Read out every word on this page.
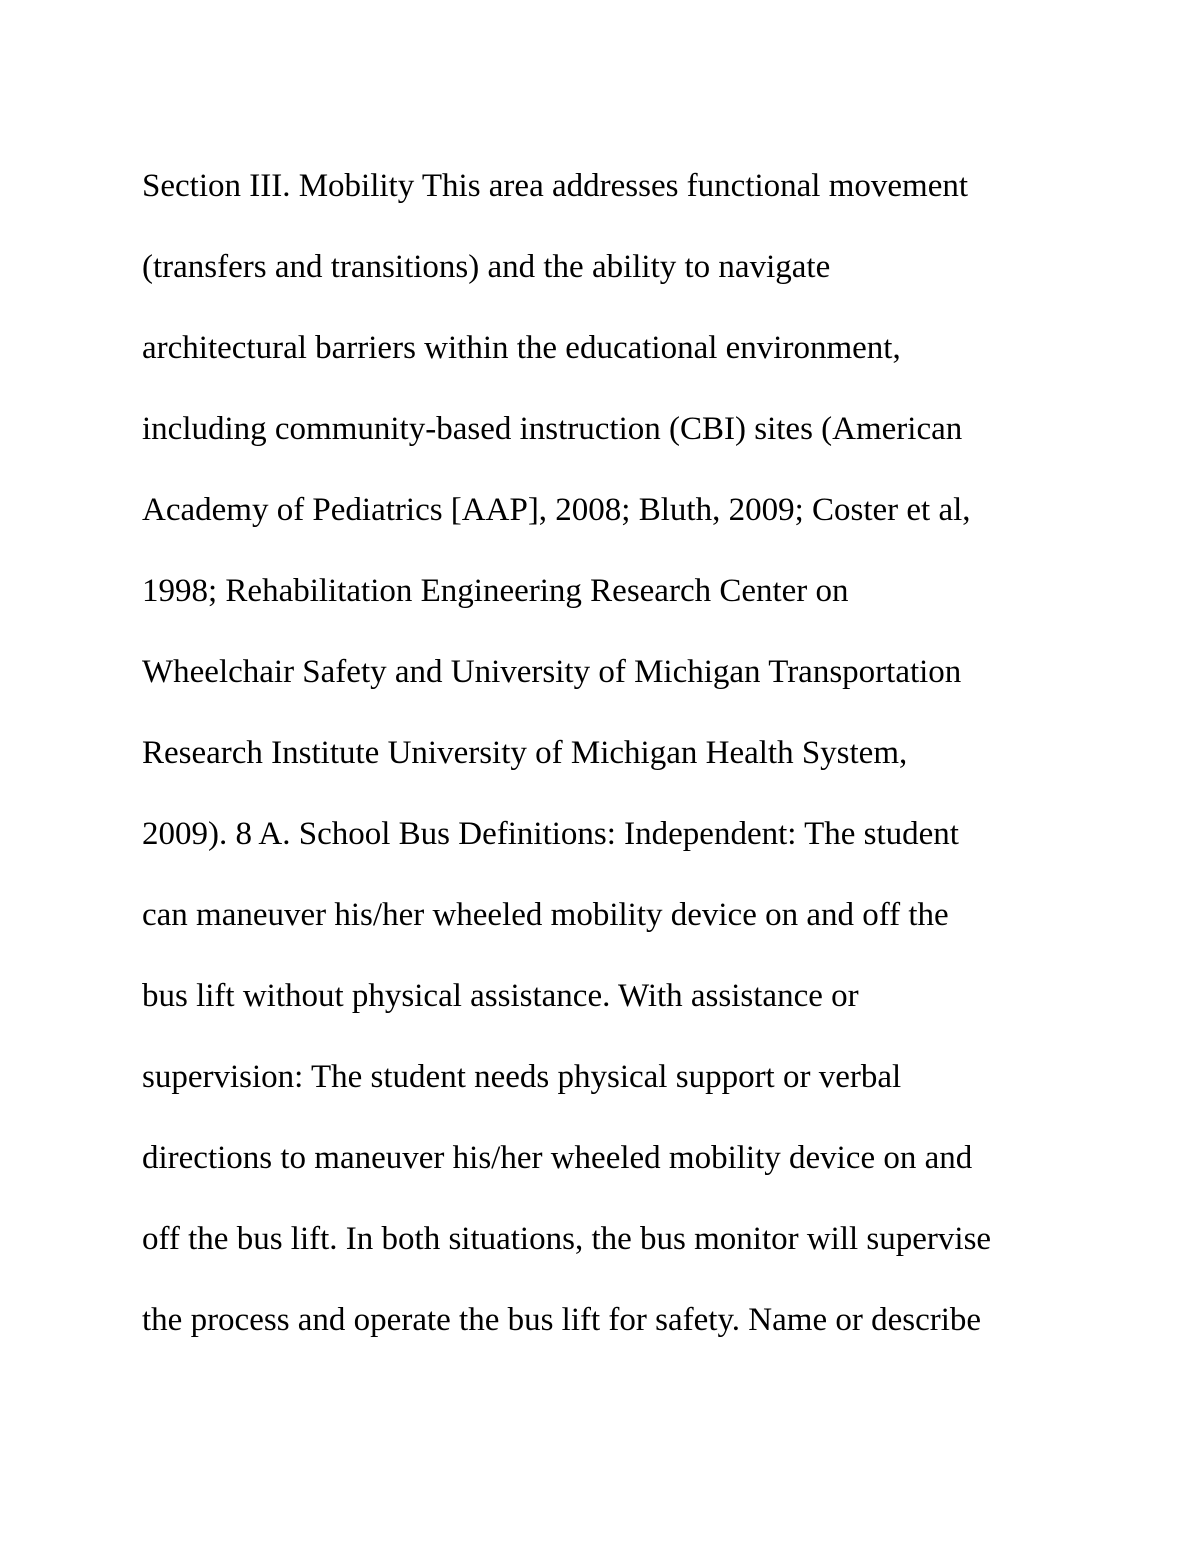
Section III. Mobility This area addresses functional movement
(transfers and transitions) and the ability to navigate
architectural barriers within the educational environment,
including community-based instruction (CBI) sites (American
Academy of Pediatrics [AAP], 2008; Bluth, 2009; Coster et al,
1998; Rehabilitation Engineering Research Center on
Wheelchair Safety and University of Michigan Transportation
Research Institute University of Michigan Health System,
2009). 8 A. School Bus Definitions: Independent: The student
can maneuver his/her wheeled mobility device on and off the
bus lift without physical assistance. With assistance or
supervision: The student needs physical support or verbal
directions to maneuver his/her wheeled mobility device on and
off the bus lift. In both situations, the bus monitor will supervise
the process and operate the bus lift for safety. Name or describe
